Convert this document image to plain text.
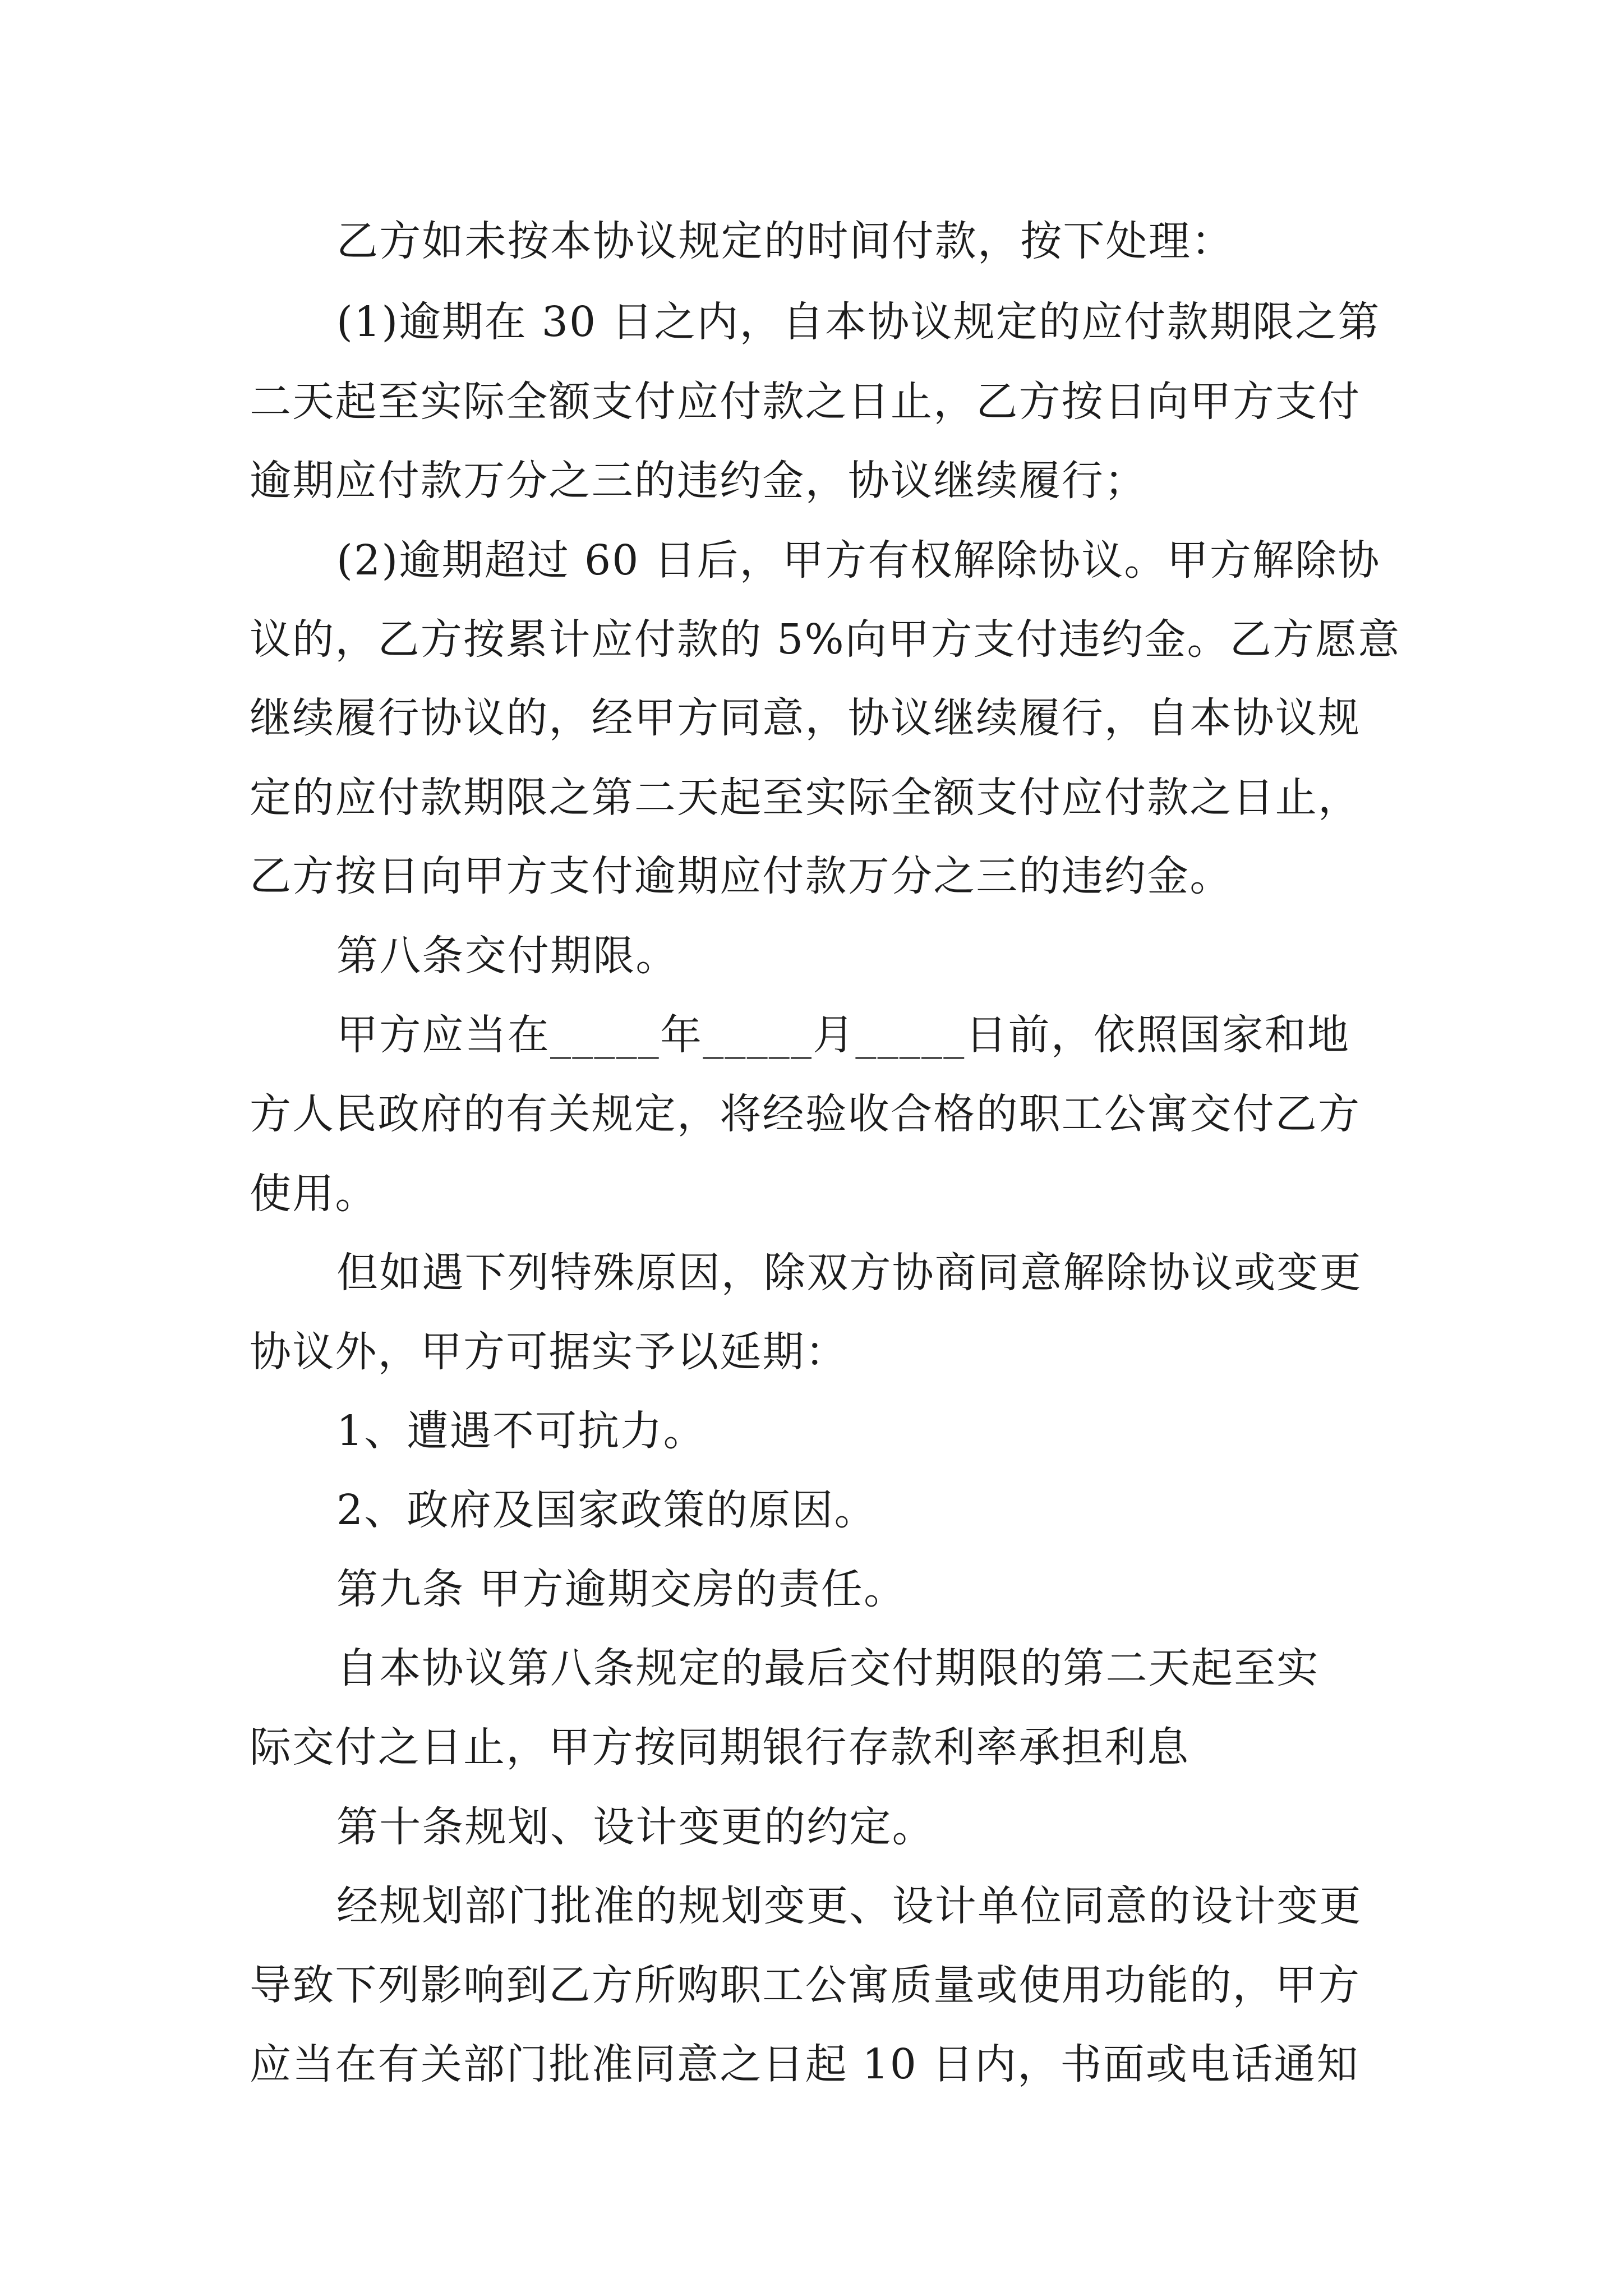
乙方如未按本协议规定的时间付款，按下处理：

(1)逾期在 30 日之内，自本协议规定的应付款期限之第

二天起至实际全额支付应付款之日止，乙方按日向甲方支付

逾期应付款万分之三的违约金，协议继续履行；

(2)逾期超过 60 日后，甲方有权解除协议。甲方解除协

议的，乙方按累计应付款的 5%向甲方支付违约金。乙方愿意

继续履行协议的，经甲方同意，协议继续履行，自本协议规

定的应付款期限之第二天起至实际全额支付应付款之日止，

乙方按日向甲方支付逾期应付款万分之三的违约金。

第八条交付期限。

甲方应当在_____年_____月_____日前，依照国家和地

方人民政府的有关规定，将经验收合格的职工公寓交付乙方

使用。

但如遇下列特殊原因，除双方协商同意解除协议或变更

协议外，甲方可据实予以延期：

1、遭遇不可抗力。

2、政府及国家政策的原因。

第九条 甲方逾期交房的责任。

自本协议第八条规定的最后交付期限的第二天起至实

际交付之日止，甲方按同期银行存款利率承担利息

第十条规划、设计变更的约定。

经规划部门批准的规划变更、设计单位同意的设计变更

导致下列影响到乙方所购职工公寓质量或使用功能的，甲方

应当在有关部门批准同意之日起 10 日内，书面或电话通知
